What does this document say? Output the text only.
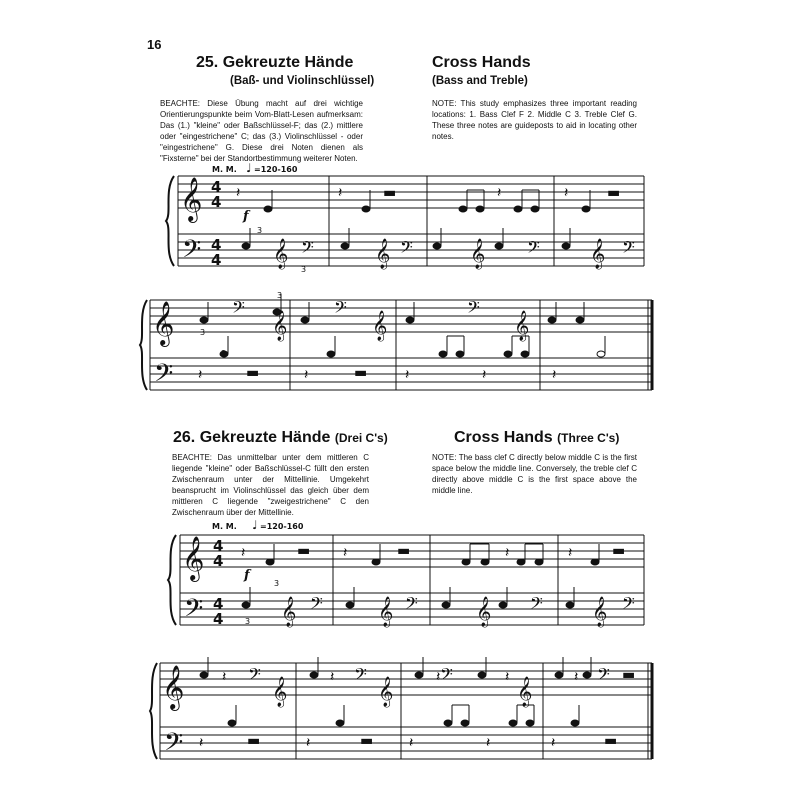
16
25. Gekreuzte Hände
(Baß- und Violinschlüssel)
Cross Hands
(Bass and Treble)
BEACHTE: Diese Übung macht auf drei wichtige Orientierungspunkte beim Vom-Blatt-Lesen aufmerksam: Das (1.) "kleine" oder Baßschlüssel-F; das (2.) mittlere oder "eingestrichene" C; das (3.) Violinschlüssel - oder "eingestrichene" G. Diese drei Noten dienen als "Fixsterne" bei der Standortbestimmung weiterer Noten.
NOTE: This study emphasizes three important reading locations: 1. Bass Clef F 2. Middle C 3. Treble Clef G. These three notes are guideposts to aid in locating other notes.
26. Gekreuzte Hände (Drei C's)	Cross Hands (Three C's)
BEACHTE: Das unmittelbar unter dem mittleren C liegende "kleine" oder Baßschlüssel-C füllt den ersten Zwischenraum unter der Mittellinie. Umgekehrt beansprucht im Violinschlüssel das gleich über dem mittleren C liegende "zweigestrichene" C den Zwischenraum über der Mittellinie.
NOTE: The bass clef C directly below middle C is the first space below the middle line. Conversely, the treble clef C directly above middle C is the first space above the middle line.
𝄞
𝄢
4
4
4
4
𝄞
𝄢
𝄞
𝄢
4
4
4
4
𝄞
𝄢
𝄞 𝄢 𝄞 𝄢 𝄞 𝄢 𝄞 𝄢
𝄢
𝄞
𝄢
𝄞
𝄢
𝄞
𝄞 𝄢 𝄞 𝄢 𝄞 𝄢 𝄞 𝄢
𝄢
𝄞
𝄢
𝄞
𝄢
𝄞
𝄢
M. M. ♩ =120-160
M. M. ♩ =120-160
f
f
3
3
3
3
3
3
3
𝄽	𝄽	▬	𝄽	𝄽	▬
𝄽	▬	𝄽	▬	𝄽	𝄽	𝄽
𝄽	▬ 𝄽	▬	𝄽	𝄽	▬
𝄽	𝄽	𝄽	𝄽	𝄽	▬
𝄽	▬	𝄽	▬	𝄽	𝄽	𝄽	▬
